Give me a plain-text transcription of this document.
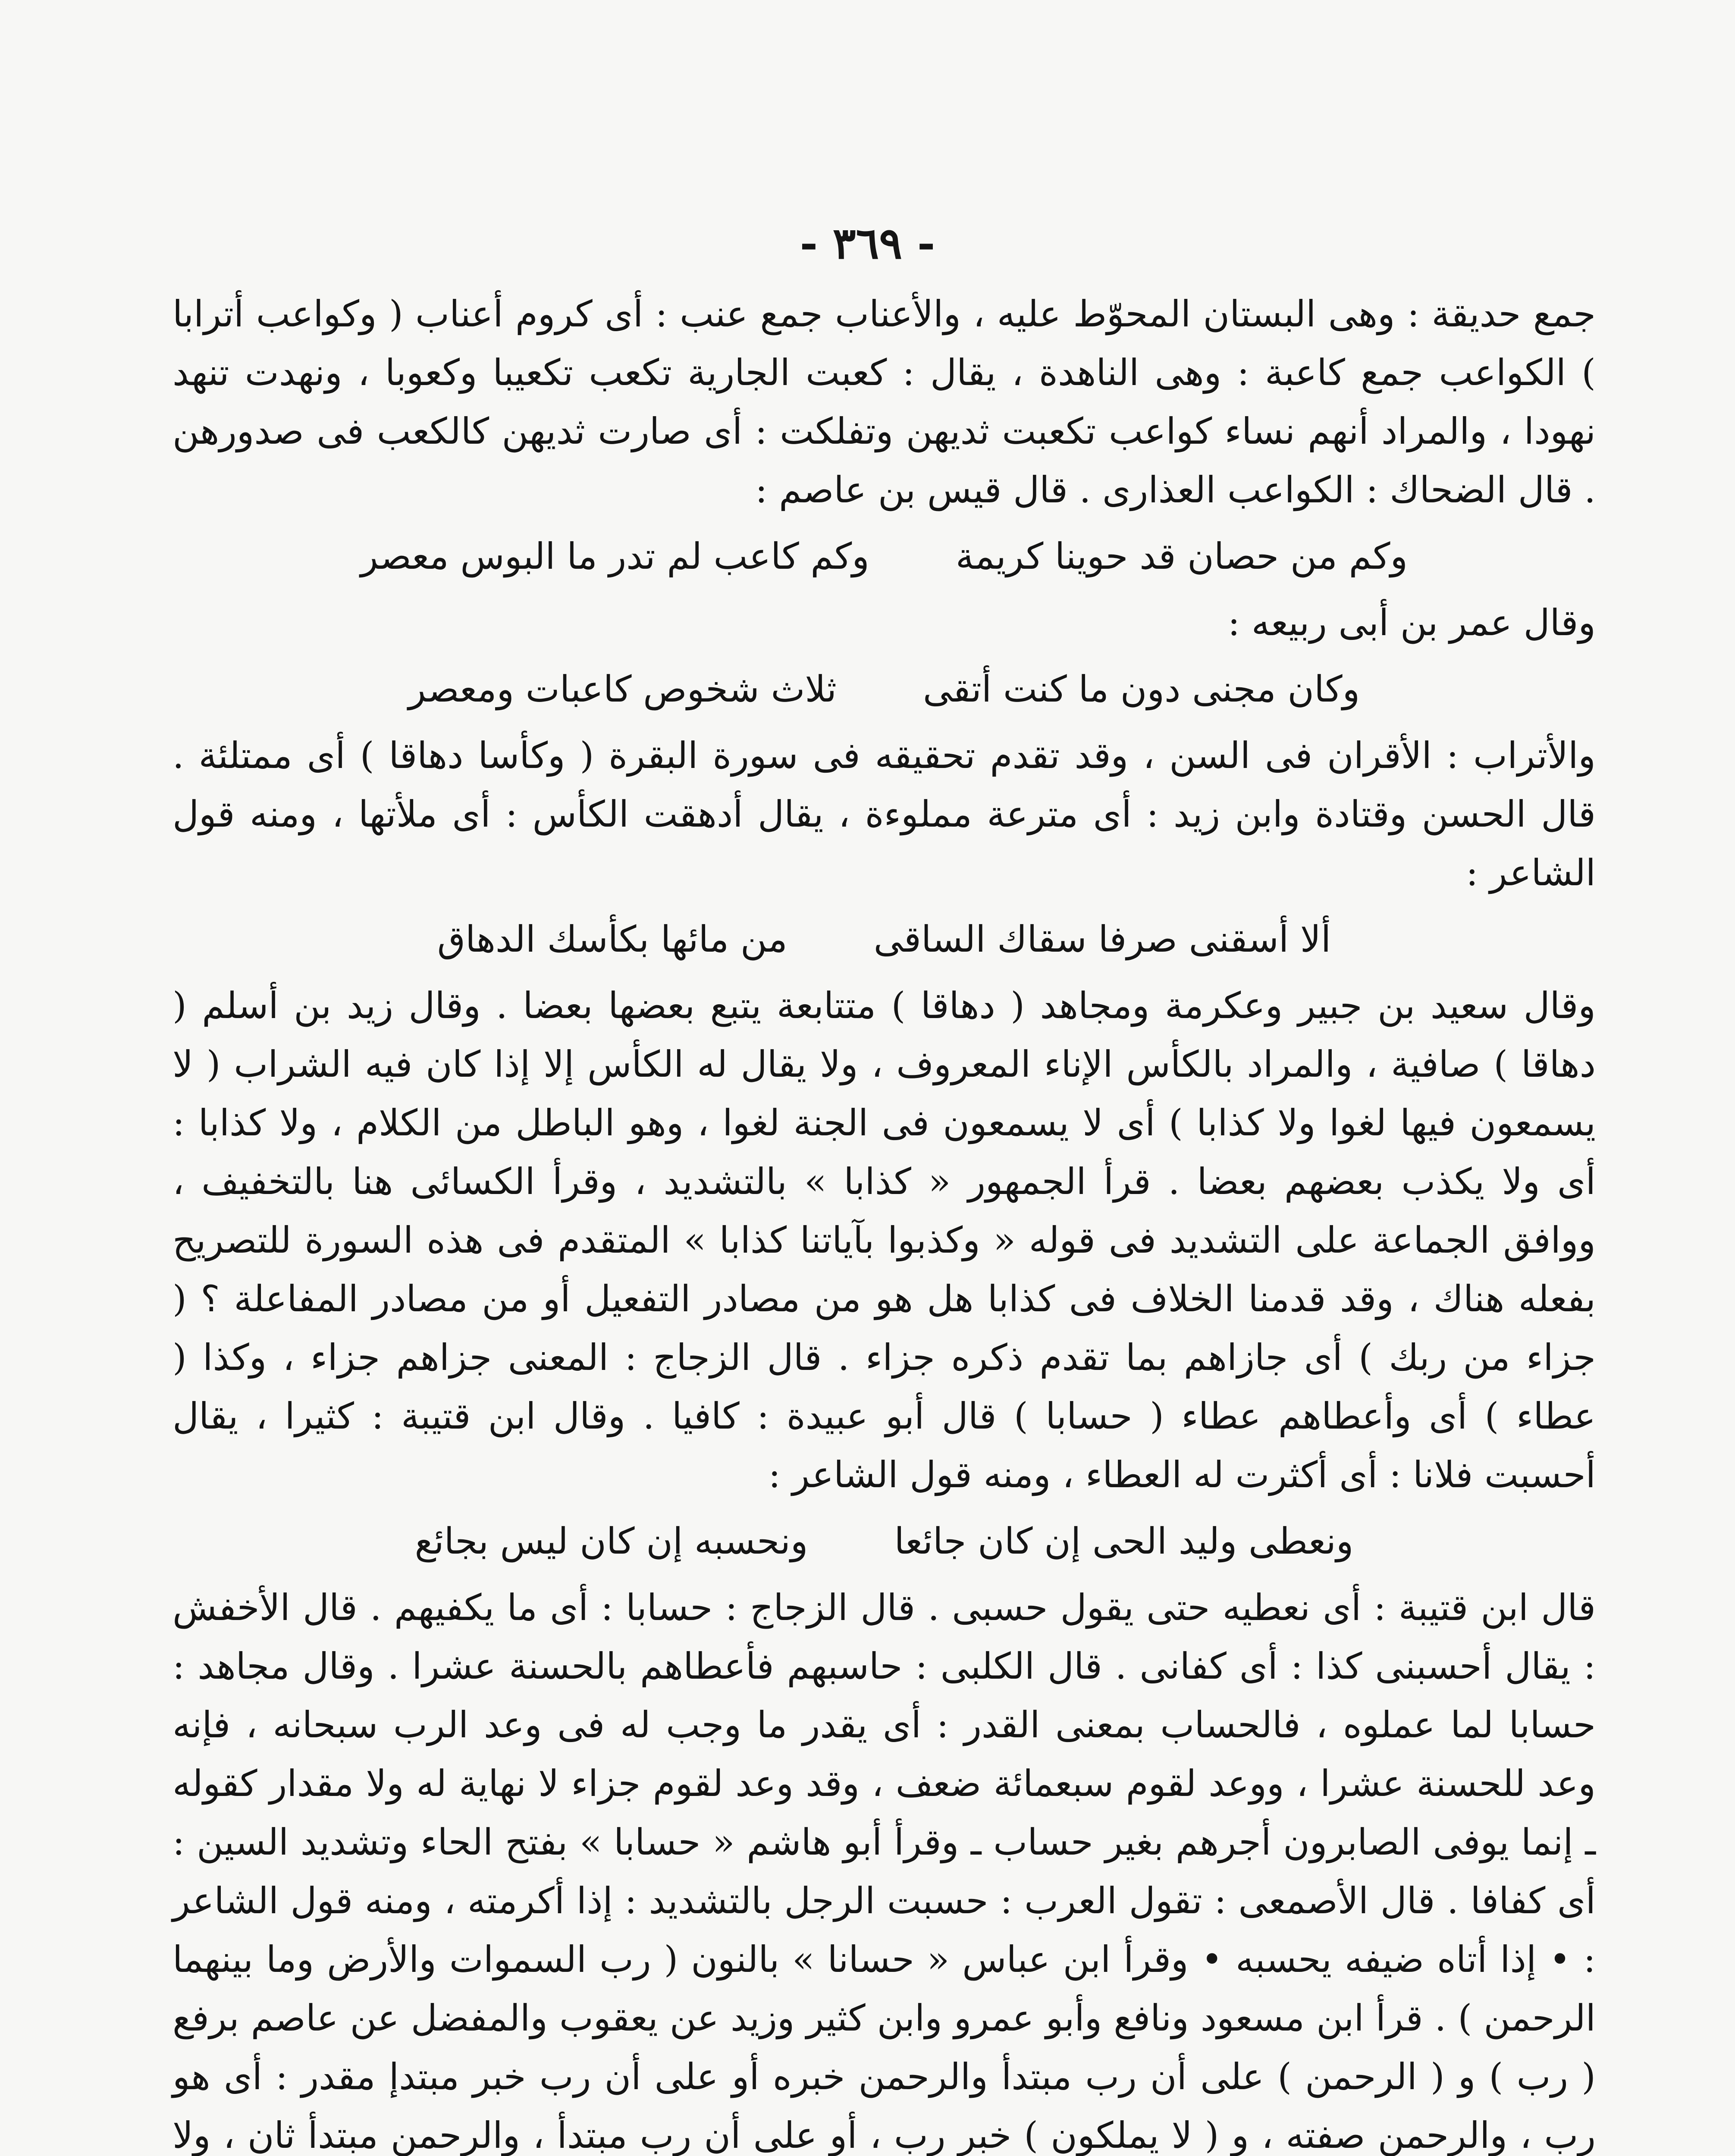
- ٣٦٩ -

جمع حديقة : وهى البستان المحوّط عليه ، والأعناب جمع عنب : أى كروم أعناب ( وكواعب أترابا ) الكواعب جمع كاعبة : وهى الناهدة ، يقال : كعبت الجارية تكعب تكعيبا وكعوبا ، ونهدت تنهد نهودا ، والمراد أنهم نساء كواعب تكعبت ثديهن وتفلكت : أى صارت ثديهن كالكعب فى صدورهن . قال الضحاك : الكواعب العذارى . قال قيس بن عاصم :

وكم من حصان قد حوينا كريمة
وكم كاعب لم تدر ما البوس معصر

وقال عمر بن أبى ربيعه :

وكان مجنى دون ما كنت أتقى
ثلاث شخوص كاعبات ومعصر

والأتراب : الأقران فى السن ، وقد تقدم تحقيقه فى سورة البقرة ( وكأسا دهاقا ) أى ممتلئة . قال الحسن وقتادة وابن زيد : أى مترعة مملوءة ، يقال أدهقت الكأس : أى ملأتها ، ومنه قول الشاعر :

ألا أسقنى صرفا سقاك الساقى
من مائها بكأسك الدهاق

وقال سعيد بن جبير وعكرمة ومجاهد ( دهاقا ) متتابعة يتبع بعضها بعضا . وقال زيد بن أسلم ( دهاقا ) صافية ، والمراد بالكأس الإناء المعروف ، ولا يقال له الكأس إلا إذا كان فيه الشراب ( لا يسمعون فيها لغوا ولا كذابا ) أى لا يسمعون فى الجنة لغوا ، وهو الباطل من الكلام ، ولا كذابا : أى ولا يكذب بعضهم بعضا . قرأ الجمهور « كذابا » بالتشديد ، وقرأ الكسائى هنا بالتخفيف ، ووافق الجماعة على التشديد فى قوله « وكذبوا بآياتنا كذابا » المتقدم فى هذه السورة للتصريح بفعله هناك ، وقد قدمنا الخلاف فى كذابا هل هو من مصادر التفعيل أو من مصادر المفاعلة ؟ ( جزاء من ربك ) أى جازاهم بما تقدم ذكره جزاء . قال الزجاج : المعنى جزاهم جزاء ، وكذا ( عطاء ) أى وأعطاهم عطاء ( حسابا ) قال أبو عبيدة : كافيا . وقال ابن قتيبة : كثيرا ، يقال أحسبت فلانا : أى أكثرت له العطاء ، ومنه قول الشاعر :

ونعطى وليد الحى إن كان جائعا
ونحسبه إن كان ليس بجائع

قال ابن قتيبة : أى نعطيه حتى يقول حسبى . قال الزجاج : حسابا : أى ما يكفيهم . قال الأخفش : يقال أحسبنى كذا : أى كفانى . قال الكلبى : حاسبهم فأعطاهم بالحسنة عشرا . وقال مجاهد : حسابا لما عملوه ، فالحساب بمعنى القدر : أى يقدر ما وجب له فى وعد الرب سبحانه ، فإنه وعد للحسنة عشرا ، ووعد لقوم سبعمائة ضعف ، وقد وعد لقوم جزاء لا نهاية له ولا مقدار كقوله ـ إنما يوفى الصابرون أجرهم بغير حساب ـ وقرأ أبو هاشم « حسابا » بفتح الحاء وتشديد السين : أى كفافا . قال الأصمعى : تقول العرب : حسبت الرجل بالتشديد : إذا أكرمته ، ومنه قول الشاعر : • إذا أتاه ضيفه يحسبه • وقرأ ابن عباس « حسانا » بالنون ( رب السموات والأرض وما بينهما الرحمن ) . قرأ ابن مسعود ونافع وأبو عمرو وابن كثير وزيد عن يعقوب والمفضل عن عاصم برفع ( رب ) و ( الرحمن ) على أن رب مبتدأ والرحمن خبره أو على أن رب خبر مبتدإ مقدر : أى هو رب ، والرحمن صفته ، و ( لا يملكون ) خبر رب ، أو على أن رب مبتدأ ، والرحمن مبتدأ ثان ، ولا
